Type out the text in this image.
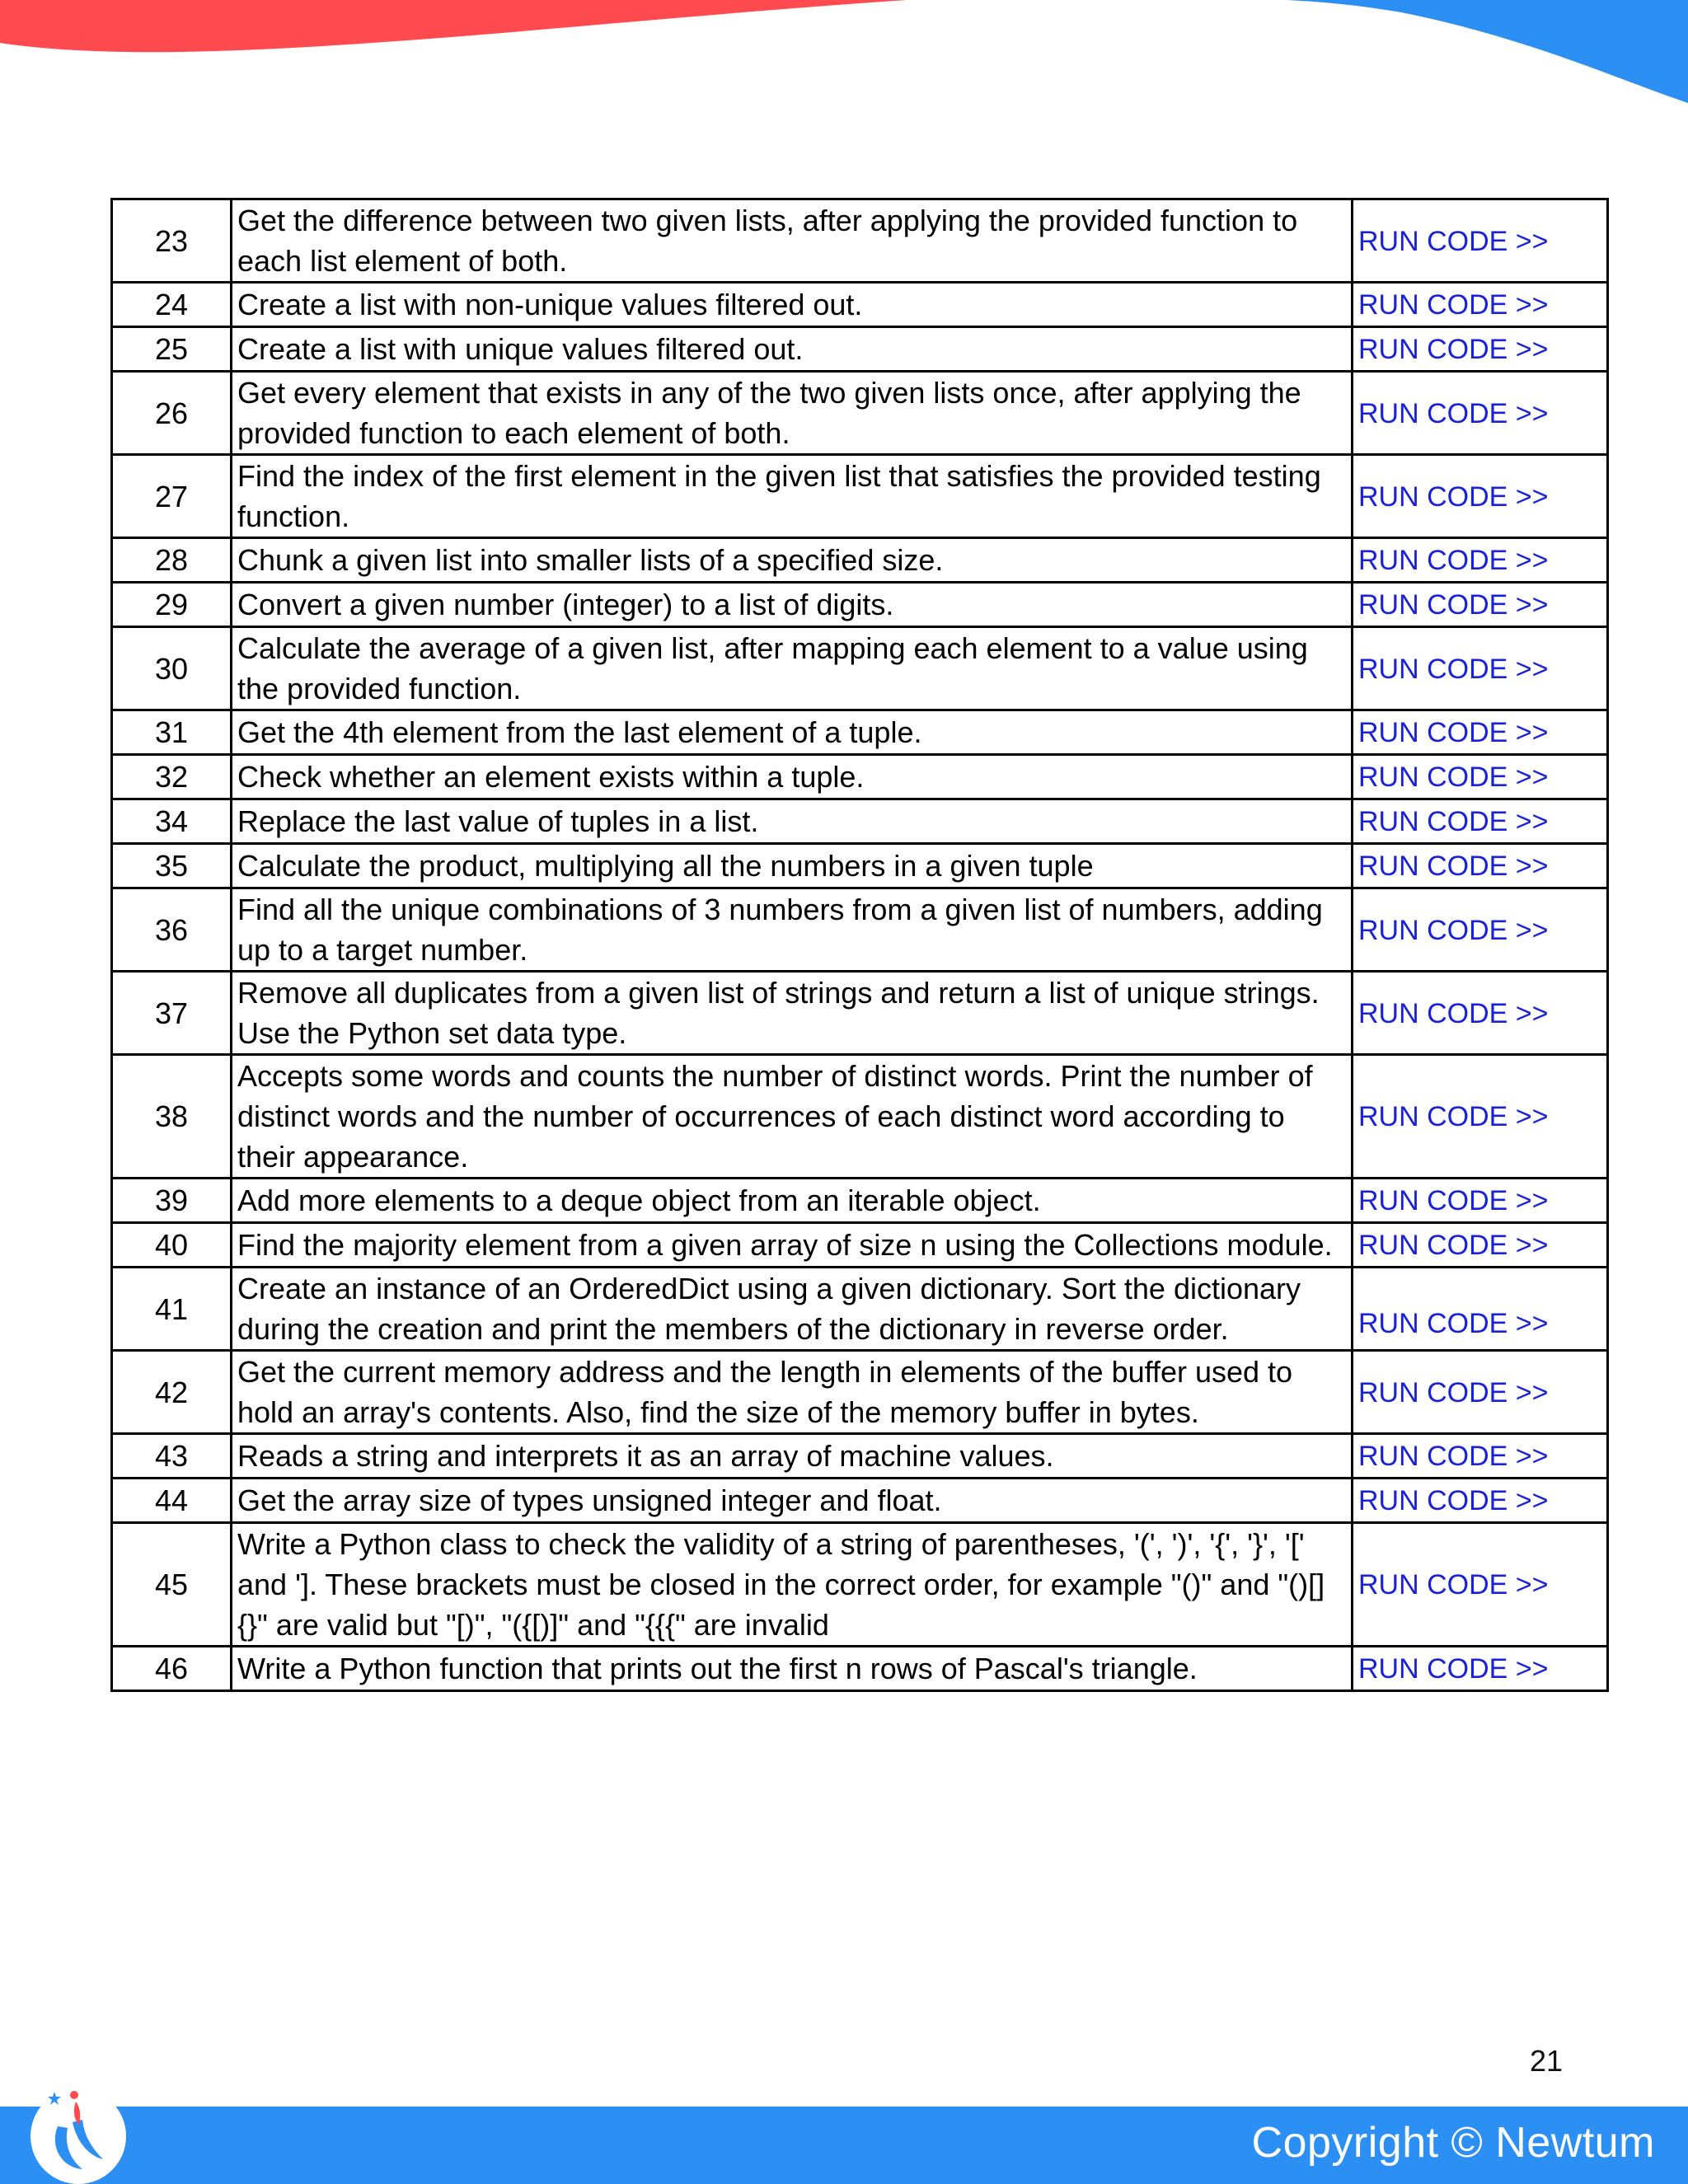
23	Get the difference between two given lists, after applying the provided function to each list element of both.	RUN CODE >>
24	Create a list with non-unique values filtered out.	RUN CODE >>
25	Create a list with unique values filtered out.	RUN CODE >>
26	Get every element that exists in any of the two given lists once, after applying the provided function to each element of both.	RUN CODE >>
27	Find the index of the first element in the given list that satisfies the provided testing function.	RUN CODE >>
28	Chunk a given list into smaller lists of a specified size.	RUN CODE >>
29	Convert a given number (integer) to a list of digits.	RUN CODE >>
30	Calculate the average of a given list, after mapping each element to a value using the provided function.	RUN CODE >>
31	Get the 4th element from the last element of a tuple.	RUN CODE >>
32	Check whether an element exists within a tuple.	RUN CODE >>
34	Replace the last value of tuples in a list.	RUN CODE >>
35	Calculate the product, multiplying all the numbers in a given tuple	RUN CODE >>
36	Find all the unique combinations of 3 numbers from a given list of numbers, adding up to a target number.	RUN CODE >>
37	Remove all duplicates from a given list of strings and return a list of unique strings. Use the Python set data type.	RUN CODE >>
38	Accepts some words and counts the number of distinct words. Print the number of distinct words and the number of occurrences of each distinct word according to their appearance.	RUN CODE >>
39	Add more elements to a deque object from an iterable object.	RUN CODE >>
40	Find the majority element from a given array of size n using the Collections module.	RUN CODE >>
41	Create an instance of an OrderedDict using a given dictionary. Sort the dictionary during the creation and print the members of the dictionary in reverse order.	RUN CODE >>
42	Get the current memory address and the length in elements of the buffer used to hold an array's contents. Also, find the size of the memory buffer in bytes.	RUN CODE >>
43	Reads a string and interprets it as an array of machine values.	RUN CODE >>
44	Get the array size of types unsigned integer and float.	RUN CODE >>
45	Write a Python class to check the validity of a string of parentheses, '(', ')', '{', '}', '[' and ']. These brackets must be closed in the correct order, for example "()" and "()[]{}" are valid but "[)", "({[)]" and "{{{" are invalid	RUN CODE >>
46	Write a Python function that prints out the first n rows of Pascal's triangle.	RUN CODE >>
21
Copyright © Newtum
